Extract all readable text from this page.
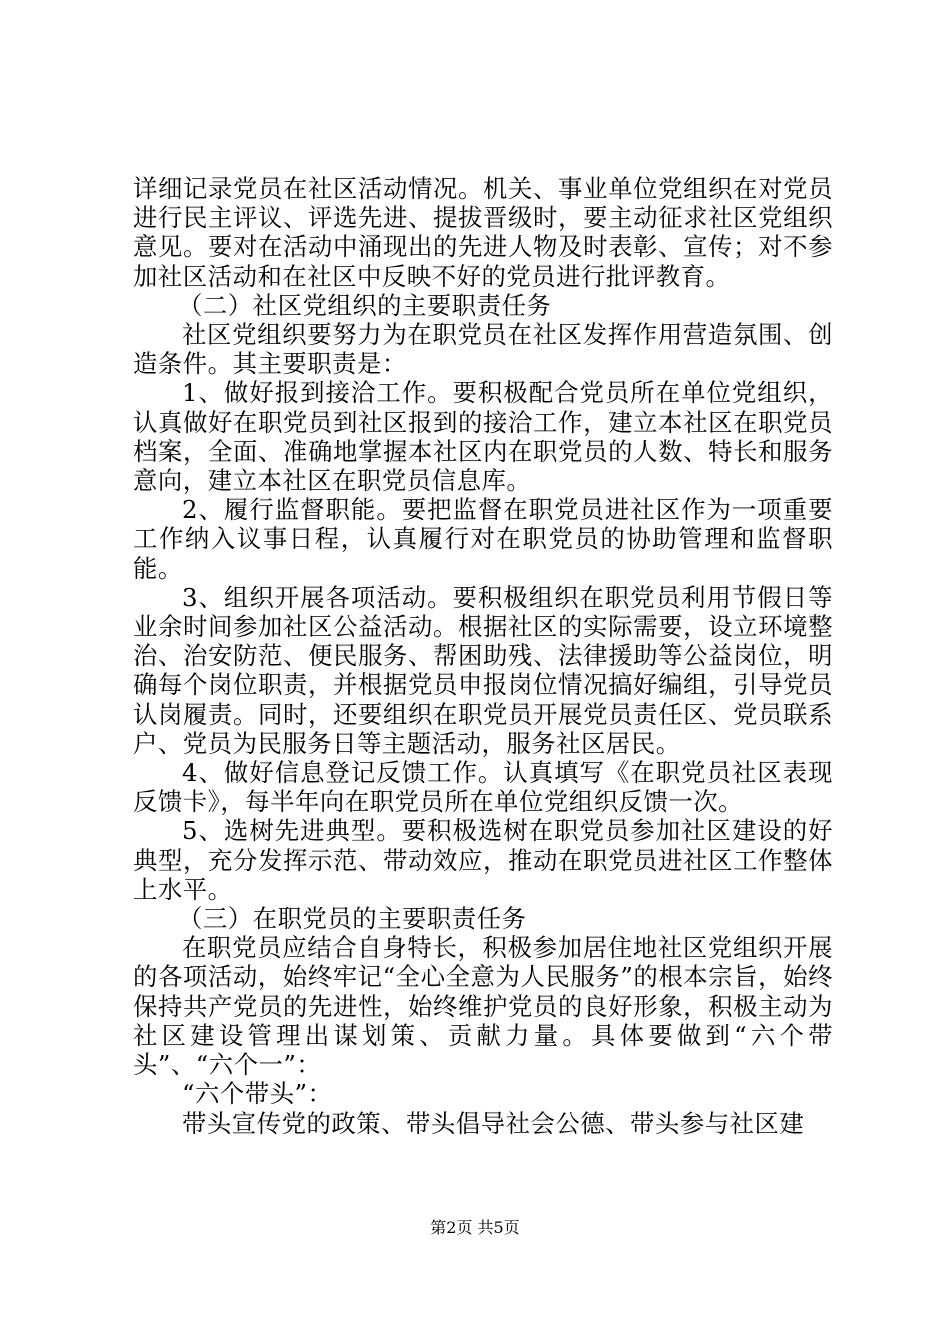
详细记录党员在社区活动情况。机关、事业单位党组织在对党员进行民主评议、评选先进、提拔晋级时，要主动征求社区党组织意见。要对在活动中涌现出的先进人物及时表彰、宣传；对不参加社区活动和在社区中反映不好的党员进行批评教育。

（二）社区党组织的主要职责任务

社区党组织要努力为在职党员在社区发挥作用营造氛围、创造条件。其主要职责是：

1、做好报到接洽工作。要积极配合党员所在单位党组织，认真做好在职党员到社区报到的接洽工作，建立本社区在职党员档案，全面、准确地掌握本社区内在职党员的人数、特长和服务意向，建立本社区在职党员信息库。

2、履行监督职能。要把监督在职党员进社区作为一项重要工作纳入议事日程，认真履行对在职党员的协助管理和监督职能。

3、组织开展各项活动。要积极组织在职党员利用节假日等业余时间参加社区公益活动。根据社区的实际需要，设立环境整治、治安防范、便民服务、帮困助残、法律援助等公益岗位，明确每个岗位职责，并根据党员申报岗位情况搞好编组，引导党员认岗履责。同时，还要组织在职党员开展党员责任区、党员联系户、党员为民服务日等主题活动，服务社区居民。

4、做好信息登记反馈工作。认真填写《在职党员社区表现反馈卡》，每半年向在职党员所在单位党组织反馈一次。

5、选树先进典型。要积极选树在职党员参加社区建设的好典型，充分发挥示范、带动效应，推动在职党员进社区工作整体上水平。

（三）在职党员的主要职责任务

在职党员应结合自身特长，积极参加居住地社区党组织开展的各项活动，始终牢记“全心全意为人民服务”的根本宗旨，始终保持共产党员的先进性，始终维护党员的良好形象，积极主动为社区建设管理出谋划策、贡献力量。具体要做到“六个带头”、“六个一”：

“六个带头”：

带头宣传党的政策、带头倡导社会公德、带头参与社区建

第2页 共5页
